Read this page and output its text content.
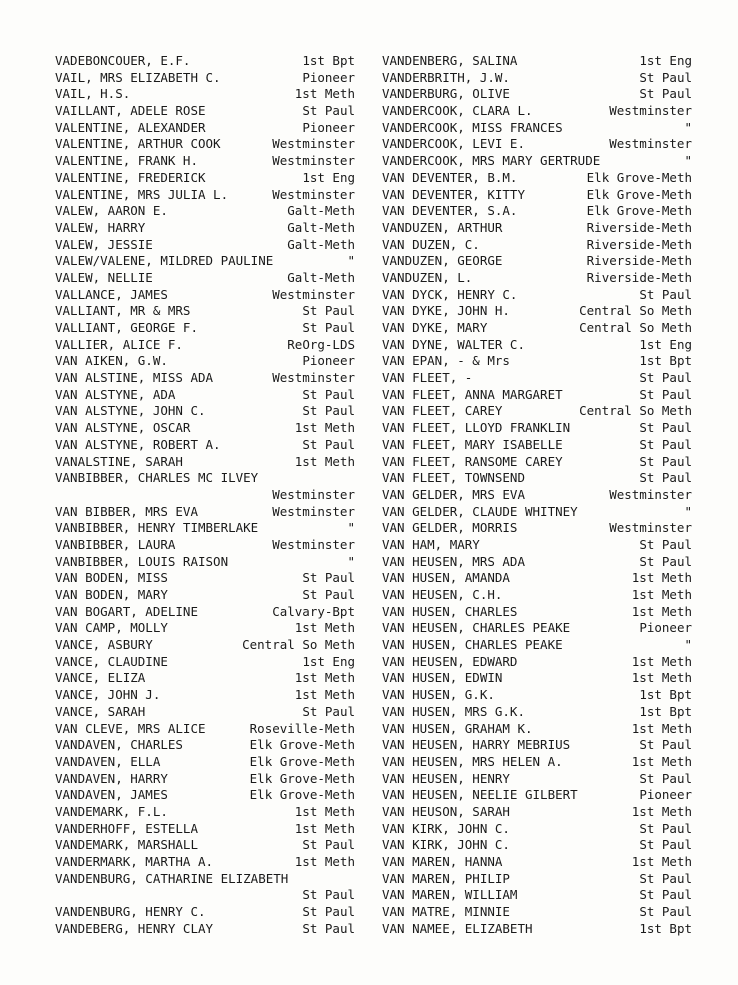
VADEBONCOUER, E.F.	1st Bpt
VAIL, MRS ELIZABETH C.	Pioneer
VAIL, H.S.	1st Meth
VAILLANT, ADELE ROSE	St Paul
VALENTINE, ALEXANDER	Pioneer
VALENTINE, ARTHUR COOK	Westminster
VALENTINE, FRANK H.	Westminster
VALENTINE, FREDERICK	1st Eng
VALENTINE, MRS JULIA L.	Westminster
VALEW, AARON E.	Galt-Meth
VALEW, HARRY	Galt-Meth
VALEW, JESSIE	Galt-Meth
VALEW/VALENE, MILDRED PAULINE	"
VALEW, NELLIE	Galt-Meth
VALLANCE, JAMES	Westminster
VALLIANT, MR & MRS	St Paul
VALLIANT, GEORGE F.	St Paul
VALLIER, ALICE F.	ReOrg-LDS
VAN AIKEN, G.W.	Pioneer
VAN ALSTINE, MISS ADA	Westminster
VAN ALSTYNE, ADA	St Paul
VAN ALSTYNE, JOHN C.	St Paul
VAN ALSTYNE, OSCAR	1st Meth
VAN ALSTYNE, ROBERT A.	St Paul
VANALSTINE, SARAH	1st Meth
VANBIBBER, CHARLES MC ILVEY
Westminster
VAN BIBBER, MRS EVA	Westminster
VANBIBBER, HENRY TIMBERLAKE	"
VANBIBBER, LAURA	Westminster
VANBIBBER, LOUIS RAISON	"
VAN BODEN, MISS	St Paul
VAN BODEN, MARY	St Paul
VAN BOGART, ADELINE	Calvary-Bpt
VAN CAMP, MOLLY	1st Meth
VANCE, ASBURY	Central So Meth
VANCE, CLAUDINE	1st Eng
VANCE, ELIZA	1st Meth
VANCE, JOHN J.	1st Meth
VANCE, SARAH	St Paul
VAN CLEVE, MRS ALICE	Roseville-Meth
VANDAVEN, CHARLES	Elk Grove-Meth
VANDAVEN, ELLA	Elk Grove-Meth
VANDAVEN, HARRY	Elk Grove-Meth
VANDAVEN, JAMES	Elk Grove-Meth
VANDEMARK, F.L.	1st Meth
VANDERHOFF, ESTELLA	1st Meth
VANDEMARK, MARSHALL	St Paul
VANDERMARK, MARTHA A.	1st Meth
VANDENBURG, CATHARINE ELIZABETH
St Paul
VANDENBURG, HENRY C.	St Paul
VANDEBERG, HENRY CLAY	St Paul
VANDENBERG, SALINA	1st Eng
VANDERBRITH, J.W.	St Paul
VANDERBURG, OLIVE	St Paul
VANDERCOOK, CLARA L.	Westminster
VANDERCOOK, MISS FRANCES	"
VANDERCOOK, LEVI E.	Westminster
VANDERCOOK, MRS MARY GERTRUDE	"
VAN DEVENTER, B.M.	Elk Grove-Meth
VAN DEVENTER, KITTY	Elk Grove-Meth
VAN DEVENTER, S.A.	Elk Grove-Meth
VANDUZEN, ARTHUR	Riverside-Meth
VAN DUZEN, C.	Riverside-Meth
VANDUZEN, GEORGE	Riverside-Meth
VANDUZEN, L.	Riverside-Meth
VAN DYCK, HENRY C.	St Paul
VAN DYKE, JOHN H.	Central So Meth
VAN DYKE, MARY	Central So Meth
VAN DYNE, WALTER C.	1st Eng
VAN EPAN, - & Mrs	1st Bpt
VAN FLEET, -	St Paul
VAN FLEET, ANNA MARGARET	St Paul
VAN FLEET, CAREY	Central So Meth
VAN FLEET, LLOYD FRANKLIN	St Paul
VAN FLEET, MARY ISABELLE	St Paul
VAN FLEET, RANSOME CAREY	St Paul
VAN FLEET, TOWNSEND	St Paul
VAN GELDER, MRS EVA	Westminster
VAN GELDER, CLAUDE WHITNEY	"
VAN GELDER, MORRIS	Westminster
VAN HAM, MARY	St Paul
VAN HEUSEN, MRS ADA	St Paul
VAN HUSEN, AMANDA	1st Meth
VAN HEUSEN, C.H.	1st Meth
VAN HUSEN, CHARLES	1st Meth
VAN HEUSEN, CHARLES PEAKE	Pioneer
VAN HUSEN, CHARLES PEAKE	"
VAN HEUSEN, EDWARD	1st Meth
VAN HUSEN, EDWIN	1st Meth
VAN HUSEN, G.K.	1st Bpt
VAN HUSEN, MRS G.K.	1st Bpt
VAN HUSEN, GRAHAM K.	1st Meth
VAN HEUSEN, HARRY MEBRIUS	St Paul
VAN HEUSEN, MRS HELEN A.	1st Meth
VAN HEUSEN, HENRY	St Paul
VAN HEUSEN, NEELIE GILBERT	Pioneer
VAN HEUSON, SARAH	1st Meth
VAN KIRK, JOHN C.	St Paul
VAN KIRK, JOHN C.	St Paul
VAN MAREN, HANNA	1st Meth
VAN MAREN, PHILIP	St Paul
VAN MAREN, WILLIAM	St Paul
VAN MATRE, MINNIE	St Paul
VAN NAMEE, ELIZABETH	1st Bpt
